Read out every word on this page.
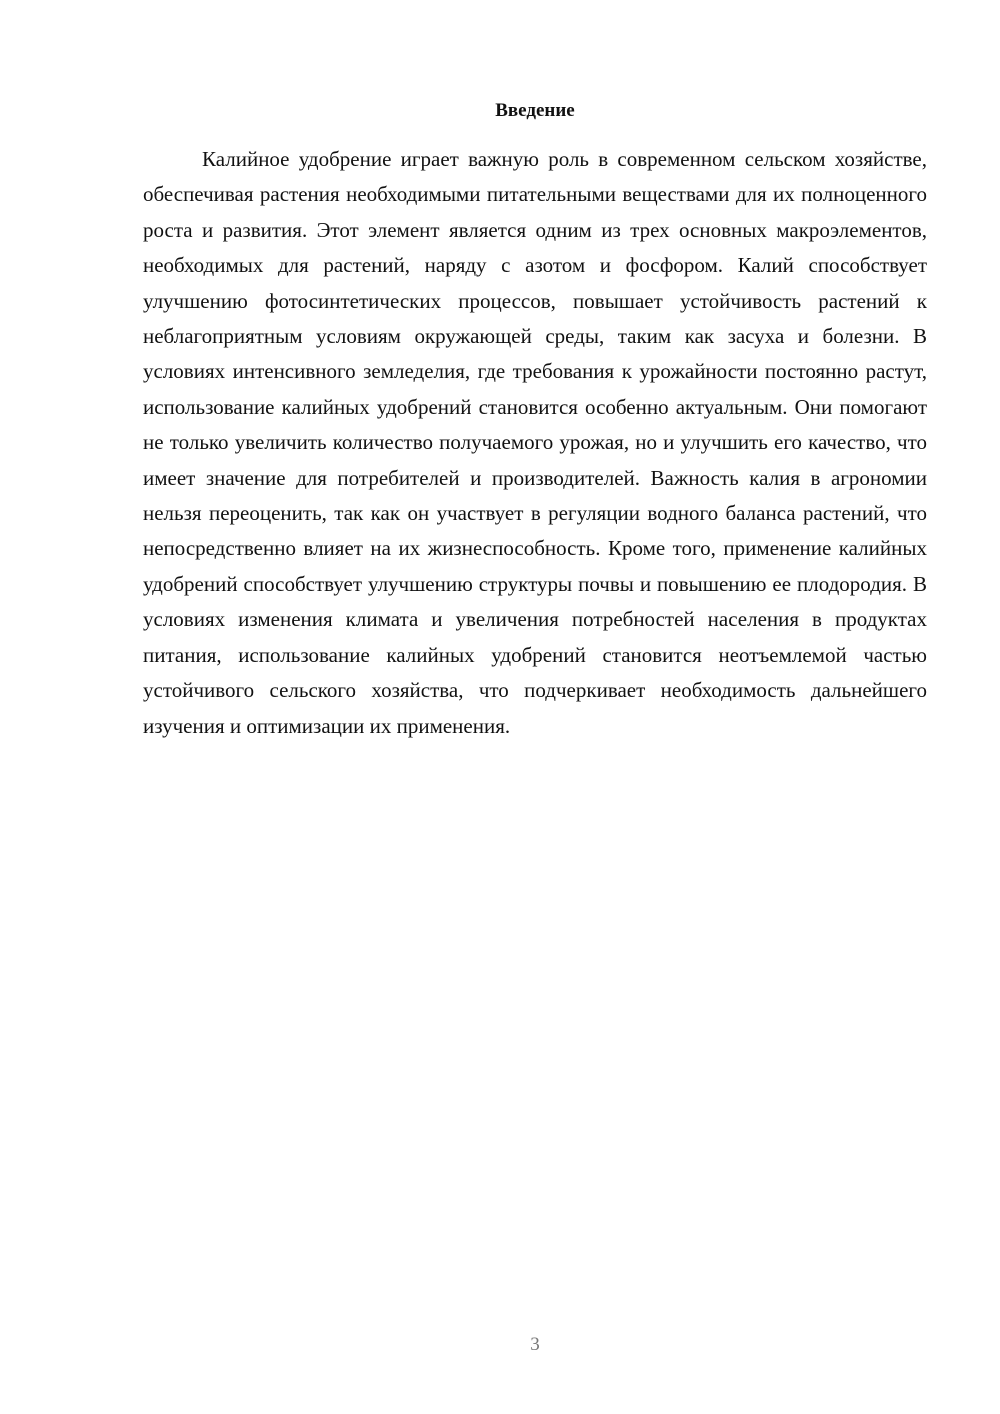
Введение

Калийное удобрение играет важную роль в современном сельском хозяйстве, обеспечивая растения необходимыми питательными веществами для их полноценного роста и развития. Этот элемент является одним из трех основных макроэлементов, необходимых для растений, наряду с азотом и фосфором. Калий способствует улучшению фотосинтетических процессов, повышает устойчивость растений к неблагоприятным условиям окружающей среды, таким как засуха и болезни. В условиях интенсивного земледелия, где требования к урожайности постоянно растут, использование калийных удобрений становится особенно актуальным. Они помогают не только увеличить количество получаемого урожая, но и улучшить его качество, что имеет значение для потребителей и производителей. Важность калия в агрономии нельзя переоценить, так как он участвует в регуляции водного баланса растений, что непосредственно влияет на их жизнеспособность. Кроме того, применение калийных удобрений способствует улучшению структуры почвы и повышению ее плодородия. В условиях изменения климата и увеличения потребностей населения в продуктах питания, использование калийных удобрений становится неотъемлемой частью устойчивого сельского хозяйства, что подчеркивает необходимость дальнейшего изучения и оптимизации их применения.

3
